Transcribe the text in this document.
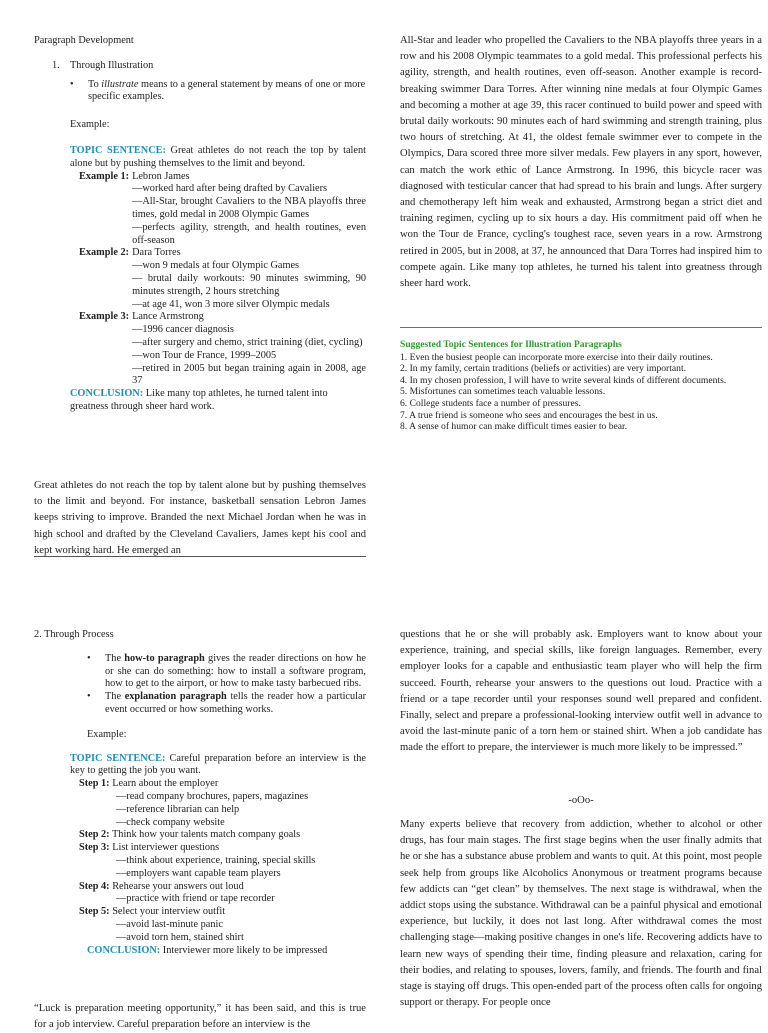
Paragraph Development

1.    Through Illustration

• To illustrate means to a general statement by means of one or more specific examples.

Example:

TOPIC SENTENCE: Great athletes do not reach the top by talent alone but by pushing themselves to the limit and beyond.

Example 1: Lebron James
—worked hard after being drafted by Cavaliers
—All-Star, brought Cavaliers to the NBA playoffs three times, gold medal in 2008 Olympic Games
—perfects agility, strength, and health routines, even off-season
Example 2: Dara Torres
—won 9 medals at four Olympic Games
— brutal daily workouts: 90 minutes swimming, 90 minutes strength, 2 hours stretching
—at age 41, won 3 more silver Olympic medals
Example 3: Lance Armstrong
—1996 cancer diagnosis
—after surgery and chemo, strict training (diet, cycling)
—won Tour de France, 1999–2005
—retired in 2005 but began training again in 2008, age 37

CONCLUSION: Like many top athletes, he turned talent into greatness through sheer hard work.

Great athletes do not reach the top by talent alone but by pushing themselves to the limit and beyond. For instance, basketball sensation Lebron James keeps striving to improve. Branded the next Michael Jordan when he was in high school and drafted by the Cleveland Cavaliers, James kept his cool and kept working hard. He emerged an

All-Star and leader who propelled the Cavaliers to the NBA playoffs three years in a row and his 2008 Olympic teammates to a gold medal. This professional perfects his agility, strength, and health routines, even off-season. Another example is record-breaking swimmer Dara Torres. After winning nine medals at four Olympic Games and becoming a mother at age 39, this racer continued to build power and speed with brutal daily workouts: 90 minutes each of hard swimming and strength training, plus two hours of stretching. At 41, the oldest female swimmer ever to compete in the Olympics, Dara scored three more silver medals. Few players in any sport, however, can match the work ethic of Lance Armstrong. In 1996, this bicycle racer was diagnosed with testicular cancer that had spread to his brain and lungs. After surgery and chemotherapy left him weak and exhausted, Armstrong began a strict diet and training regimen, cycling up to six hours a day. His commitment paid off when he won the Tour de France, cycling's toughest race, seven years in a row. Armstrong retired in 2005, but in 2008, at 37, he announced that Dara Torres had inspired him to compete again. Like many top athletes, he turned his talent into greatness through sheer hard work.

Suggested Topic Sentences for Illustration Paragraphs

1. Even the busiest people can incorporate more exercise into their daily routines.
2. In my family, certain traditions (beliefs or activities) are very important.
4. In my chosen profession, I will have to write several kinds of different documents.
5. Misfortunes can sometimes teach valuable lessons.
6. College students face a number of pressures.
7. A true friend is someone who sees and encourages the best in us.
8. A sense of humor can make difficult times easier to bear.

2. Through Process

• The how-to paragraph gives the reader directions on how he or she can do something: how to install a software program, how to get to the airport, or how to make tasty barbecued ribs.
• The explanation paragraph tells the reader how a particular event occurred or how something works.

Example:

TOPIC SENTENCE: Careful preparation before an interview is the key to getting the job you want.

Step 1: Learn about the employer
—read company brochures, papers, magazines
—reference librarian can help
—check company website
Step 2: Think how your talents match company goals
Step 3: List interviewer questions
—think about experience, training, special skills
—employers want capable team players
Step 4: Rehearse your answers out loud
—practice with friend or tape recorder
Step 5: Select your interview outfit
—avoid last-minute panic
—avoid torn hem, stained shirt

CONCLUSION: Interviewer more likely to be impressed

“Luck is preparation meeting opportunity,” it has been said, and this is true for a job interview. Careful preparation before an interview is the

questions that he or she will probably ask. Employers want to know about your experience, training, and special skills, like foreign languages. Remember, every employer looks for a capable and enthusiastic team player who will help the firm succeed. Fourth, rehearse your answers to the questions out loud. Practice with a friend or a tape recorder until your responses sound well prepared and confident. Finally, select and prepare a professional-looking interview outfit well in advance to avoid the last-minute panic of a torn hem or stained shirt. When a job candidate has made the effort to prepare, the interviewer is much more likely to be impressed.”

-oOo-

Many experts believe that recovery from addiction, whether to alcohol or other drugs, has four main stages. The first stage begins when the user finally admits that he or she has a substance abuse problem and wants to quit. At this point, most people seek help from groups like Alcoholics Anonymous or treatment programs because few addicts can “get clean” by themselves. The next stage is withdrawal, when the addict stops using the substance. Withdrawal can be a painful physical and emotional experience, but luckily, it does not last long. After withdrawal comes the most challenging stage—making positive changes in one's life. Recovering addicts have to learn new ways of spending their time, finding pleasure and relaxation, caring for their bodies, and relating to spouses, lovers, family, and friends. The fourth and final stage is staying off drugs. This open-ended part of the process often calls for ongoing support or therapy. For people once
